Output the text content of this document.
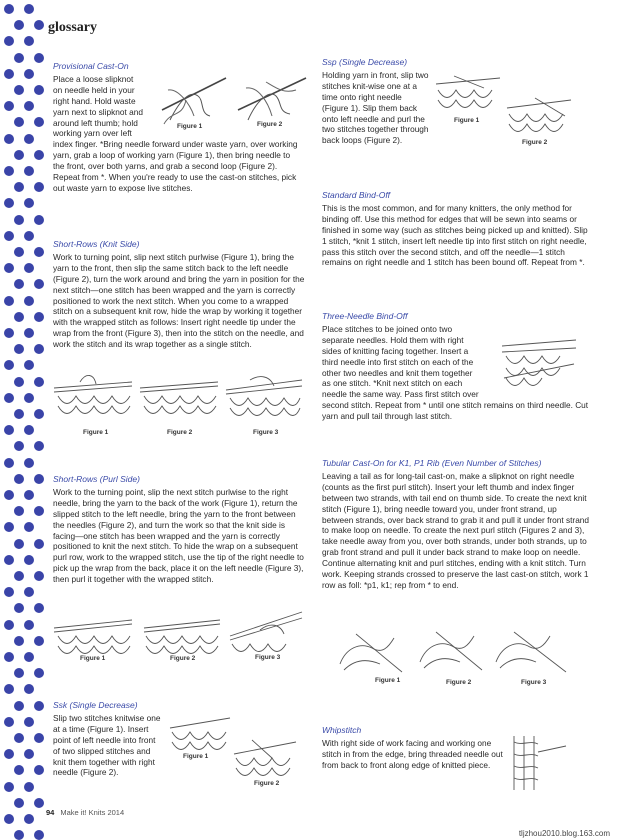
glossary
Provisional Cast-On

Place a loose slipknot

on needle held in your

right hand. Hold waste

yarn next to slipknot and

around left thumb; hold

working yarn over left

index finger. *Bring needle forward under waste yarn, over working yarn, grab a loop of working yarn (Figure 1), then bring needle to the front, over both yarns, and grab a second loop (Figure 2). Repeat from *. When you're ready to use the cast-on stitches, pick out waste yarn to expose live stitches.

Figure 1	Figure 2
Short-Rows (Knit Side)

Work to turning point, slip next stitch purlwise (Figure 1), bring the yarn to the front, then slip the same stitch back to the left needle (Figure 2), turn the work around and bring the yarn in position for the next stitch—one stitch has been wrapped and the yarn is correctly positioned to work the next stitch. When you come to a wrapped stitch on a subsequent knit row, hide the wrap by working it together with the wrapped stitch as follows: Insert right needle tip under the wrap from the front (Figure 3), then into the stitch on the needle, and work the stitch and its wrap together as a single stitch.

Figure 1	Figure 2	Figure 3
Short-Rows (Purl Side)

Work to the turning point, slip the next stitch purlwise to the right needle, bring the yarn to the back of the work (Figure 1), return the slipped stitch to the left needle, bring the yarn to the front between the needles (Figure 2), and turn the work so that the knit side is facing—one stitch has been wrapped and the yarn is correctly positioned to knit the next stitch. To hide the wrap on a subsequent purl row, work to the wrapped stitch, use the tip of the right needle to pick up the wrap from the back, place it on the left needle (Figure 3), then purl it together with the wrapped stitch.

Figure 1	Figure 2	Figure 3
Ssk (Single Decrease)

Slip two stitches knitwise one at a time (Figure 1). Insert point of left needle into front of two slipped stitches and knit them together with right needle (Figure 2).

Figure 1
Figure 2
Ssp (Single Decrease)

Holding yarn in front, slip two stitches knit-wise one at a time onto right needle (Figure 1). Slip them back onto left needle and purl the two stitches together through back loops (Figure 2).

Figure 1
Figure 2
Standard Bind-Off

This is the most common, and for many knitters, the only method for binding off. Use this method for edges that will be sewn into seams or finished in some way (such as stitches being picked up and knitted). Slip 1 stitch, *knit 1 stitch, insert left needle tip into first stitch on right needle, pass this stitch over the second stitch, and off the needle—1 stitch remains on right needle and 1 stitch has been bound off. Repeat from *.

Three-Needle Bind-Off

Place stitches to be joined onto two

separate needles. Hold them with right

sides of knitting facing together. Insert a

third needle into first stitch on each of the

other two needles and knit them together

as one stitch. *Knit next stitch on each

needle the same way. Pass first stitch over

second stitch. Repeat from * until one stitch remains on third needle. Cut yarn and pull tail through last stitch.

Tubular Cast-On for K1, P1 Rib (Even Number of Stitches)

Leaving a tail as for long-tail cast-on, make a slipknot on right needle (counts as the first purl stitch). Insert your left thumb and index finger between two strands, with tail end on thumb side. To create the next knit stitch (Figure 1), bring needle toward you, under front strand, up between strands, over back strand to grab it and pull it under front strand to make loop on needle. To create the next purl stitch (Figures 2 and 3), take needle away from you, over both strands, under both strands, up to grab front strand and pull it under back strand to make loop on needle. Continue alternating knit and purl stitches, ending with a knit stitch. Turn work. Keeping strands crossed to preserve the last cast-on stitch, work 1 row as foll: *p1, k1; rep from * to end.

Figure 1	Figure 2	Figure 3
Whipstitch

With right side of work facing and working one stitch in from the edge, bring threaded needle out from back to front along edge of knitted piece.

94 Make it! Knits 2014
tljzhou2010.blog.163.com
